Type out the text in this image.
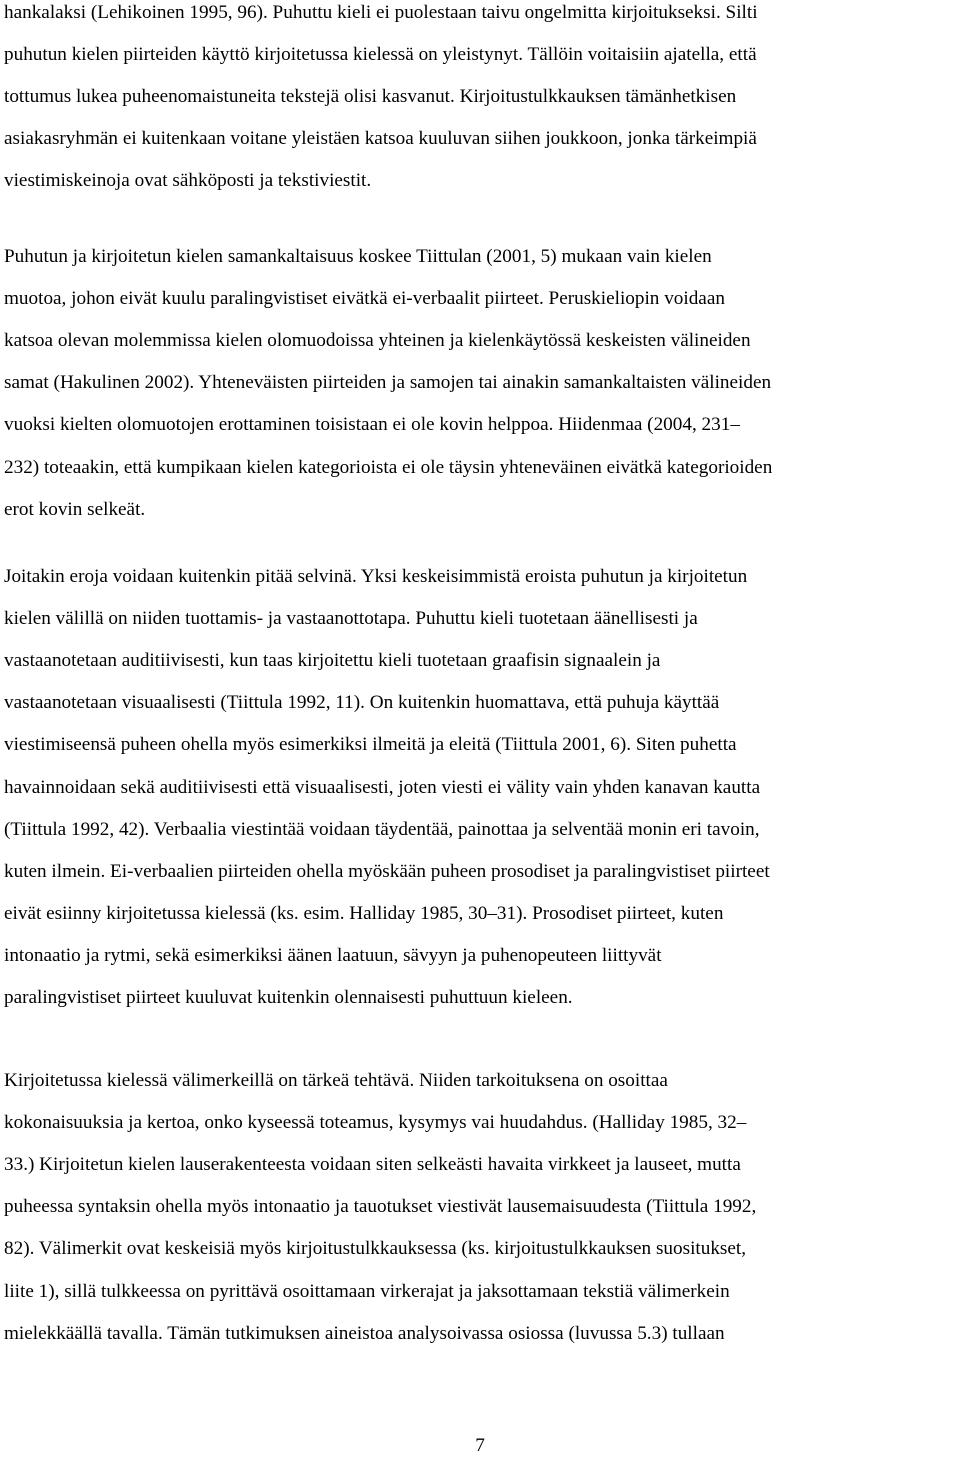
hankalaksi (Lehikoinen 1995, 96). Puhuttu kieli ei puolestaan taivu ongelmitta kirjoitukseksi. Silti
puhutun kielen piirteiden käyttö kirjoitetussa kielessä on yleistynyt. Tällöin voitaisiin ajatella, että
tottumus lukea puheenomaistuneita tekstejä olisi kasvanut. Kirjoitustulkkauksen tämänhetkisen
asiakasryhmän ei kuitenkaan voitane yleistäen katsoa kuuluvan siihen joukkoon, jonka tärkeimpiä
viestimiskeinoja ovat sähköposti ja tekstiviestit.
Puhutun ja kirjoitetun kielen samankaltaisuus koskee Tiittulan (2001, 5) mukaan vain kielen
muotoa, johon eivät kuulu paralingvistiset eivätkä ei-verbaalit piirteet. Peruskieliopin voidaan
katsoa olevan molemmissa kielen olomuodoissa yhteinen ja kielenkäytössä keskeisten välineiden
samat (Hakulinen 2002). Yhteneväisten piirteiden ja samojen tai ainakin samankaltaisten välineiden
vuoksi kielten olomuotojen erottaminen toisistaan ei ole kovin helppoa. Hiidenmaa (2004, 231–
232) toteaakin, että kumpikaan kielen kategorioista ei ole täysin yhteneväinen eivätkä kategorioiden
erot kovin selkeät.
Joitakin eroja voidaan kuitenkin pitää selvinä. Yksi keskeisimmistä eroista puhutun ja kirjoitetun
kielen välillä on niiden tuottamis- ja vastaanottotapa. Puhuttu kieli tuotetaan äänellisesti ja
vastaanotetaan auditiivisesti, kun taas kirjoitettu kieli tuotetaan graafisin signaalein ja
vastaanotetaan visuaalisesti (Tiittula 1992, 11). On kuitenkin huomattava, että puhuja käyttää
viestimiseensä puheen ohella myös esimerkiksi ilmeitä ja eleitä (Tiittula 2001, 6). Siten puhetta
havainnoidaan sekä auditiivisesti että visuaalisesti, joten viesti ei välity vain yhden kanavan kautta
(Tiittula 1992, 42). Verbaalia viestintää voidaan täydentää, painottaa ja selventää monin eri tavoin,
kuten ilmein. Ei-verbaalien piirteiden ohella myöskään puheen prosodiset ja paralingvistiset piirteet
eivät esiinny kirjoitetussa kielessä (ks. esim. Halliday 1985, 30–31). Prosodiset piirteet, kuten
intonaatio ja rytmi, sekä esimerkiksi äänen laatuun, sävyyn ja puhenopeuteen liittyvät
paralingvistiset piirteet kuuluvat kuitenkin olennaisesti puhuttuun kieleen.
Kirjoitetussa kielessä välimerkeillä on tärkeä tehtävä. Niiden tarkoituksena on osoittaa
kokonaisuuksia ja kertoa, onko kyseessä toteamus, kysymys vai huudahdus. (Halliday 1985, 32–
33.) Kirjoitetun kielen lauserakenteesta voidaan siten selkeästi havaita virkkeet ja lauseet, mutta
puheessa syntaksin ohella myös intonaatio ja tauotukset viestivät lausemaisuudesta (Tiittula 1992,
82). Välimerkit ovat keskeisiä myös kirjoitustulkkauksessa (ks. kirjoitustulkkauksen suositukset,
liite 1), sillä tulkkeessa on pyrittävä osoittamaan virkerajat ja jaksottamaan tekstiä välimerkein
mielekkäällä tavalla. Tämän tutkimuksen aineistoa analysoivassa osiossa (luvussa 5.3) tullaan
7
